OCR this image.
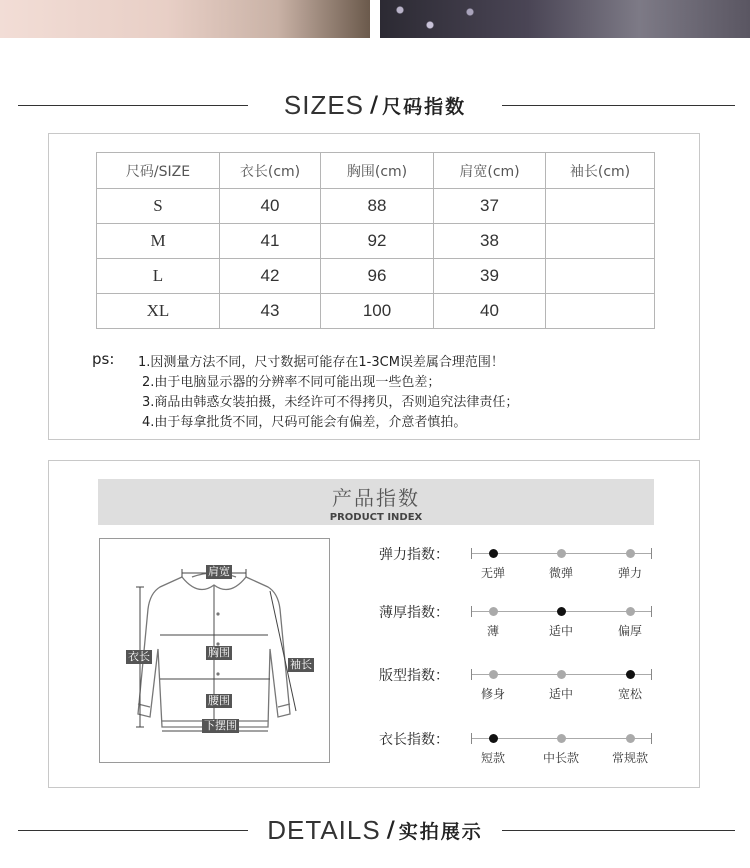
SIZES / 尺码指数
尺码/SIZE	衣长(cm)	胸围(cm)	肩宽(cm)	袖长(cm)
S	40	88	37	
M	41	92	38	
L	42	96	39	
XL	43	100	40	
ps: 1.因测量方法不同，尺寸数据可能存在1-3CM误差属合理范围！
2.由于电脑显示器的分辨率不同可能出现一些色差；
3.商品由韩惑女装拍摄，未经许可不得拷贝，否则追究法律责任；
4.由于每拿批货不同，尺码可能会有偏差，介意者慎拍。
产品指数
PRODUCT INDEX
肩宽
衣长	胸围
袖长
腰围
下摆围
弹力指数：
无弹	微弹	弹力
薄厚指数：
薄	适中	偏厚
版型指数：
修身	适中	宽松
衣长指数：
短款	中长款	常规款
DETAILS / 实拍展示
